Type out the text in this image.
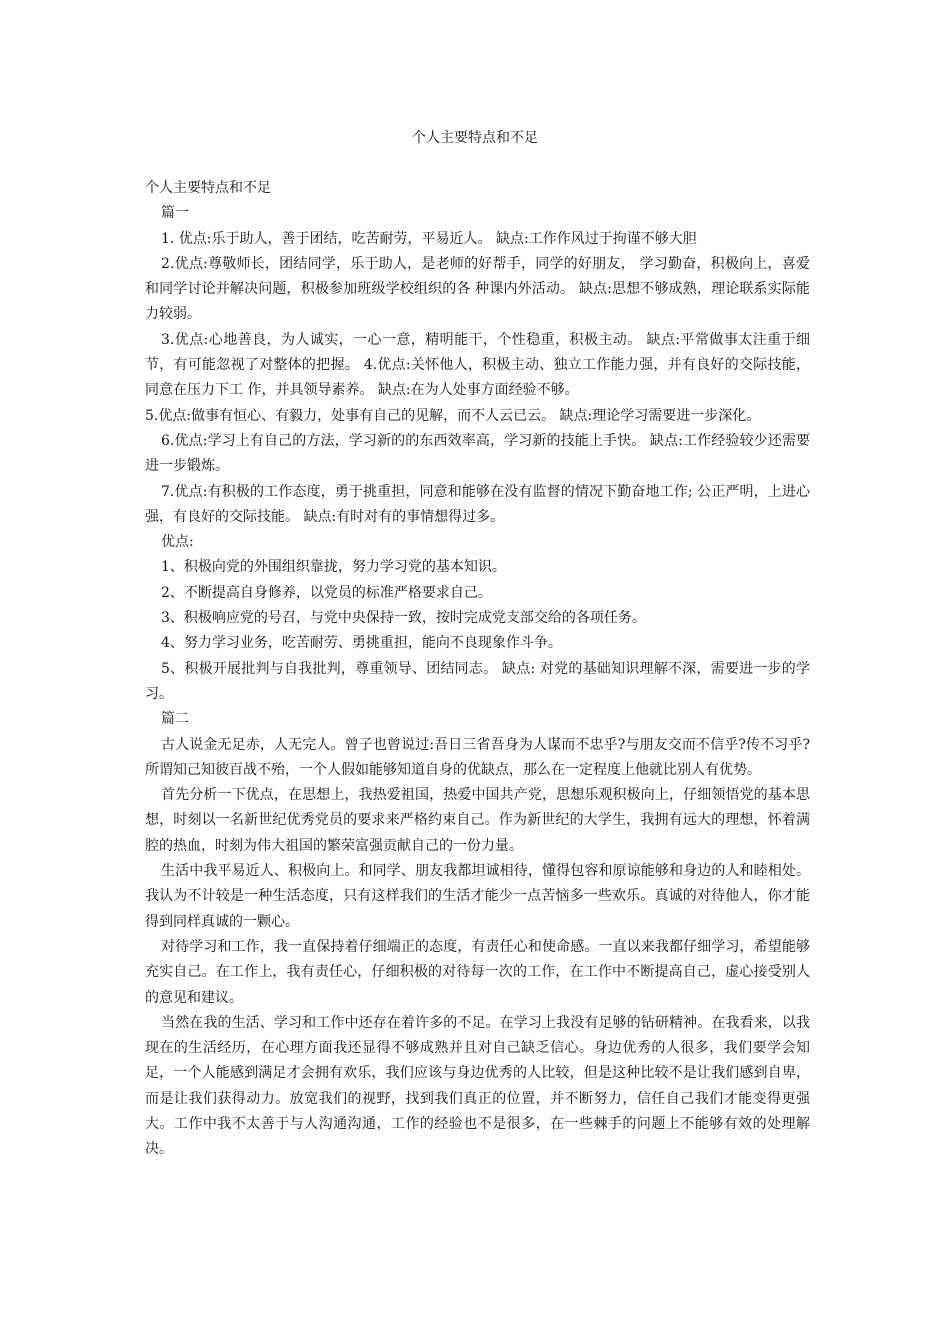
个人主要特点和不足

个人主要特点和不足

篇一

1. 优点:乐于助人，善于团结，吃苦耐劳，平易近人。 缺点:工作作风过于拘谨不够大胆

2.优点:尊敬师长，团结同学，乐于助人，是老师的好帮手，同学的好朋友， 学习勤奋，积极向上，喜爱和同学讨论并解决问题，积极参加班级学校组织的各 种课内外活动。 缺点:思想不够成熟，理论联系实际能力较弱。

3.优点:心地善良，为人诚实，一心一意，精明能干，个性稳重，积极主动。 缺点:平常做事太注重于细节，有可能忽视了对整体的把握。 4.优点:关怀他人，积极主动、独立工作能力强，并有良好的交际技能，同意在压力下工 作，并具领导素养。 缺点:在为人处事方面经验不够。

5.优点:做事有恒心、有毅力，处事有自己的见解，而不人云已云。 缺点:理论学习需要进一步深化。

6.优点:学习上有自己的方法，学习新的的东西效率高，学习新的技能上手快。 缺点:工作经验较少还需要进一步锻炼。

7.优点:有积极的工作态度，勇于挑重担，同意和能够在没有监督的情况下勤奋地工作; 公正严明，上进心强，有良好的交际技能。 缺点:有时对有的事情想得过多。

优点:

1、积极向党的外围组织靠拢，努力学习党的基本知识。

2、不断提高自身修养，以党员的标准严格要求自己。

3、积极响应党的号召，与党中央保持一致，按时完成党支部交给的各项任务。

4、努力学习业务，吃苦耐劳、勇挑重担，能向不良现象作斗争。

5、积极开展批判与自我批判，尊重领导、团结同志。 缺点: 对党的基础知识理解不深，需要进一步的学习。

篇二

古人说金无足赤，人无完人。曾子也曾说过:吾日三省吾身为人谋而不忠乎?与朋友交而不信乎?传不习乎?所谓知己知彼百战不殆，一个人假如能够知道自身的优缺点，那么在一定程度上他就比别人有优势。

首先分析一下优点，在思想上，我热爱祖国，热爱中国共产党，思想乐观积极向上，仔细领悟党的基本思想，时刻以一名新世纪优秀党员的要求来严格约束自己。作为新世纪的大学生，我拥有远大的理想，怀着满腔的热血，时刻为伟大祖国的繁荣富强贡献自己的一份力量。

生活中我平易近人、积极向上。和同学、朋友我都坦诚相待，懂得包容和原谅能够和身边的人和睦相处。我认为不计较是一种生活态度，只有这样我们的生活才能少一点苦恼多一些欢乐。真诚的对待他人，你才能得到同样真诚的一颗心。

对待学习和工作，我一直保持着仔细端正的态度，有责任心和使命感。一直以来我都仔细学习，希望能够充实自己。在工作上，我有责任心，仔细积极的对待每一次的工作，在工作中不断提高自己，虚心接受别人的意见和建议。

当然在我的生活、学习和工作中还存在着许多的不足。在学习上我没有足够的钻研精神。在我看来，以我现在的生活经历，在心理方面我还显得不够成熟并且对自己缺乏信心。身边优秀的人很多，我们要学会知足，一个人能感到满足才会拥有欢乐，我们应该与身边优秀的人比较，但是这种比较不是让我们感到自卑，而是让我们获得动力。放宽我们的视野，找到我们真正的位置，并不断努力，信任自己我们才能变得更强大。工作中我不太善于与人沟通沟通，工作的经验也不是很多，在一些棘手的问题上不能够有效的处理解决。
